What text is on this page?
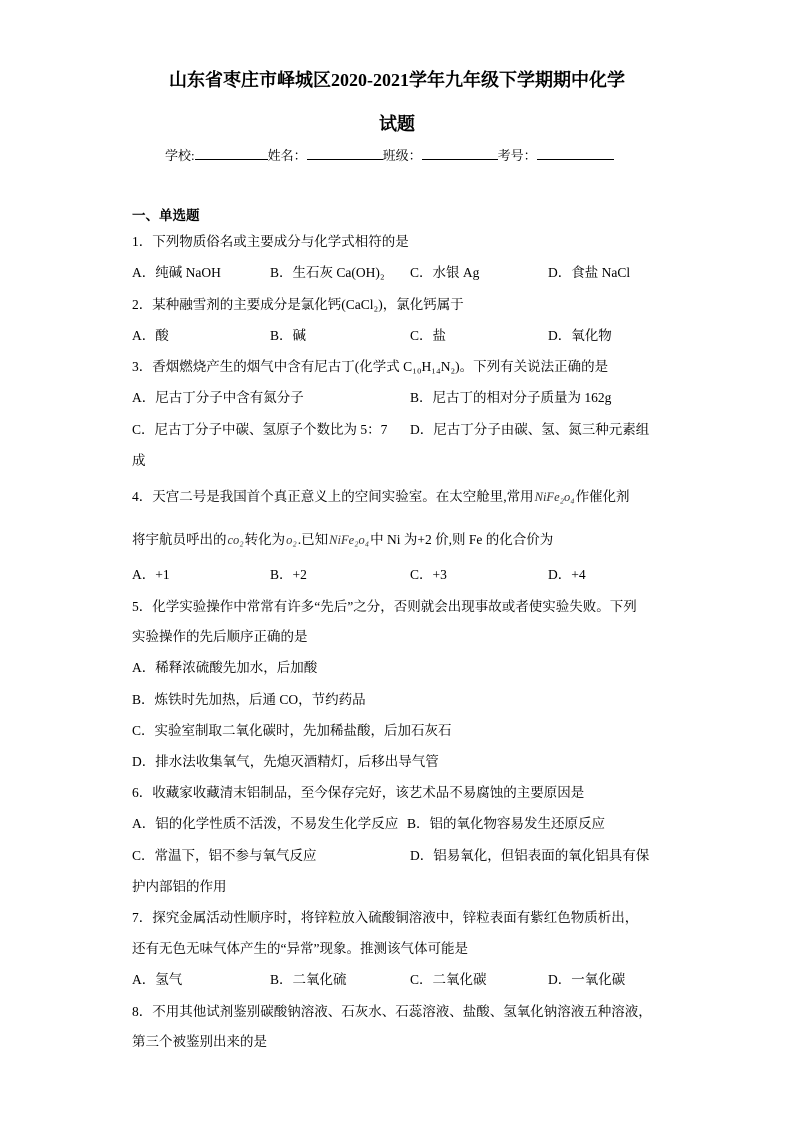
山东省枣庄市峄城区2020-2021学年九年级下学期期中化学
试题
学校:	姓名：	班级：	考号：
一、单选题
1．下列物质俗名或主要成分与化学式相符的是
A．纯碱 NaOH	B．生石灰 Ca(OH)₂ C．水银 Ag	D．食盐 NaCl
2．某种融雪剂的主要成分是氯化钙(CaCl₂)，氯化钙属于
A．酸	B．碱	C．盐	D．氧化物
3．香烟燃烧产生的烟气中含有尼古丁(化学式 C₁₀H₁₄N₂)。下列有关说法正确的是
A．尼古丁分子中含有氮分子	B．尼古丁的相对分子质量为 162g
C．尼古丁分子中碳、氢原子个数比为 5：7 D．尼古丁分子由碳、氢、氮三种元素组
成
4．天宫二号是我国首个真正意义上的空间实验室。在太空舱里,常用NiFe₂o₄作催化剂
将宇航员呼出的co₂转化为o₂.已知NiFe₂o₄中 Ni 为+2 价,则 Fe 的化合价为
A．+1	B．+2	C．+3	D．+4
5．化学实验操作中常常有许多“先后”之分，否则就会出现事故或者使实验失败。下列
实验操作的先后顺序正确的是
A．稀释浓硫酸先加水，后加酸
B．炼铁时先加热，后通 CO，节约药品
C．实验室制取二氧化碳时，先加稀盐酸，后加石灰石
D．排水法收集氧气，先熄灭酒精灯，后移出导气管
6．收藏家收藏清末铝制品，至今保存完好，该艺术品不易腐蚀的主要原因是
A．铝的化学性质不活泼，不易发生化学反应 B．铝的氧化物容易发生还原反应
C．常温下，铝不参与氧气反应	D．铝易氧化，但铝表面的氧化铝具有保
护内部铝的作用
7．探究金属活动性顺序时，将锌粒放入硫酸铜溶液中，锌粒表面有紫红色物质析出，
还有无色无味气体产生的“异常”现象。推测该气体可能是
A．氢气	B．二氧化硫	C．二氧化碳	D．一氧化碳
8．不用其他试剂鉴别碳酸钠溶液、石灰水、石蕊溶液、盐酸、氢氧化钠溶液五种溶液，
第三个被鉴别出来的是
